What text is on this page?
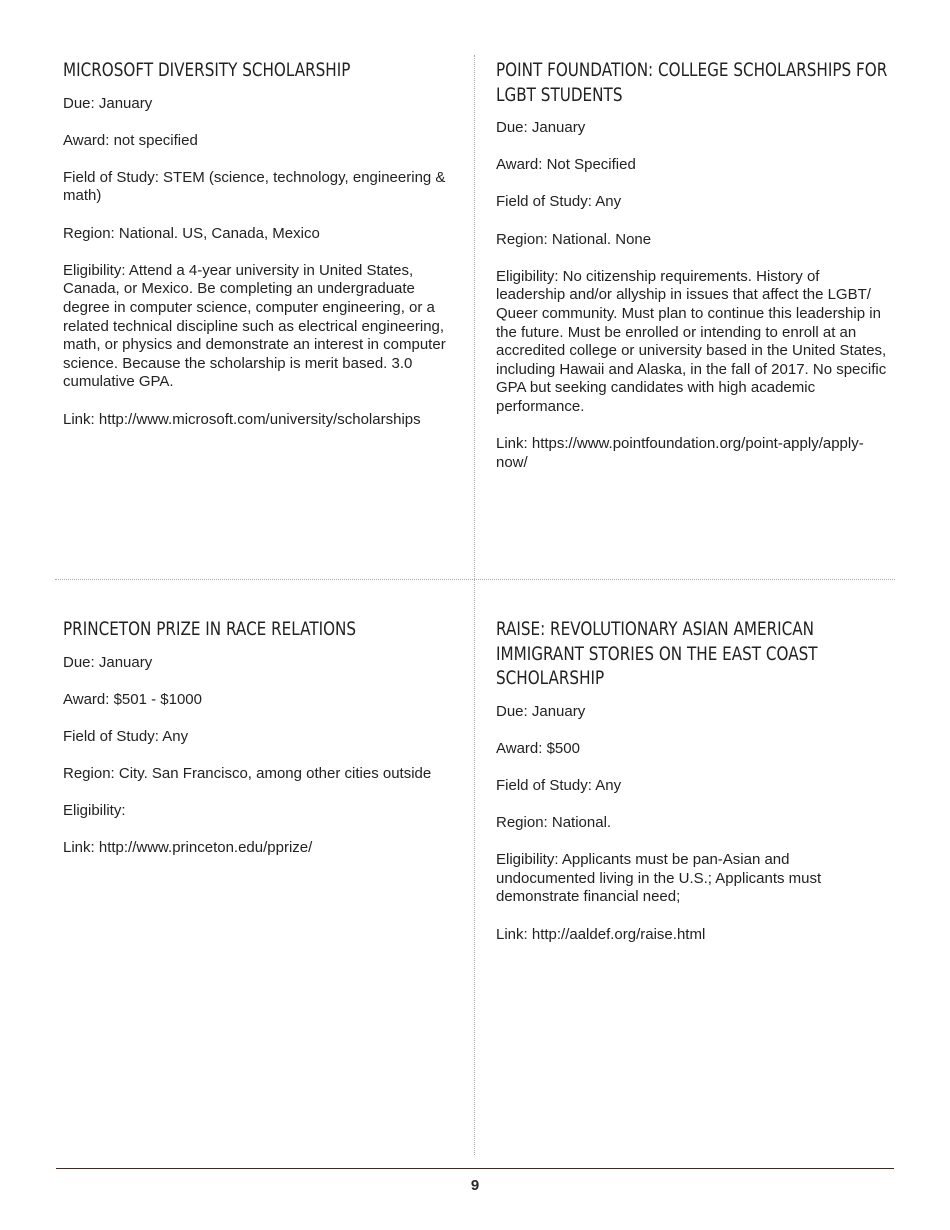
MICROSOFT DIVERSITY SCHOLARSHIP

Due: January

Award: not specified

Field of Study: STEM (science, technology, engineering & math)

Region: National. US, Canada, Mexico

Eligibility: Attend a 4-year university in United States, Canada, or Mexico. Be completing an undergraduate degree in computer science, computer engineering, or a related technical discipline such as electrical engineering, math, or physics and demonstrate an interest in computer science. Because the scholarship is merit based. 3.0 cumulative GPA.

Link: http://www.microsoft.com/university/scholarships

POINT FOUNDATION: COLLEGE SCHOLARSHIPS FOR LGBT STUDENTS

Due: January

Award: Not Specified

Field of Study: Any

Region: National. None

Eligibility: No citizenship requirements. History of leadership and/or allyship in issues that affect the LGBT/ Queer community. Must plan to continue this leadership in the future. Must be enrolled or intending to enroll at an accredited college or university based in the United States, including Hawaii and Alaska, in the fall of 2017. No specific GPA but seeking candidates with high academic performance.

Link: https://www.pointfoundation.org/point-apply/apply-now/

PRINCETON PRIZE IN RACE RELATIONS

Due: January

Award: $501 - $1000

Field of Study: Any

Region: City. San Francisco, among other cities outside

Eligibility:

Link: http://www.princeton.edu/pprize/

RAISE: REVOLUTIONARY ASIAN AMERICAN IMMIGRANT STORIES ON THE EAST COAST SCHOLARSHIP

Due: January

Award: $500

Field of Study: Any

Region: National.

Eligibility: Applicants must be pan-Asian and undocumented living in the U.S.; Applicants must demonstrate financial need;

Link: http://aaldef.org/raise.html

9
